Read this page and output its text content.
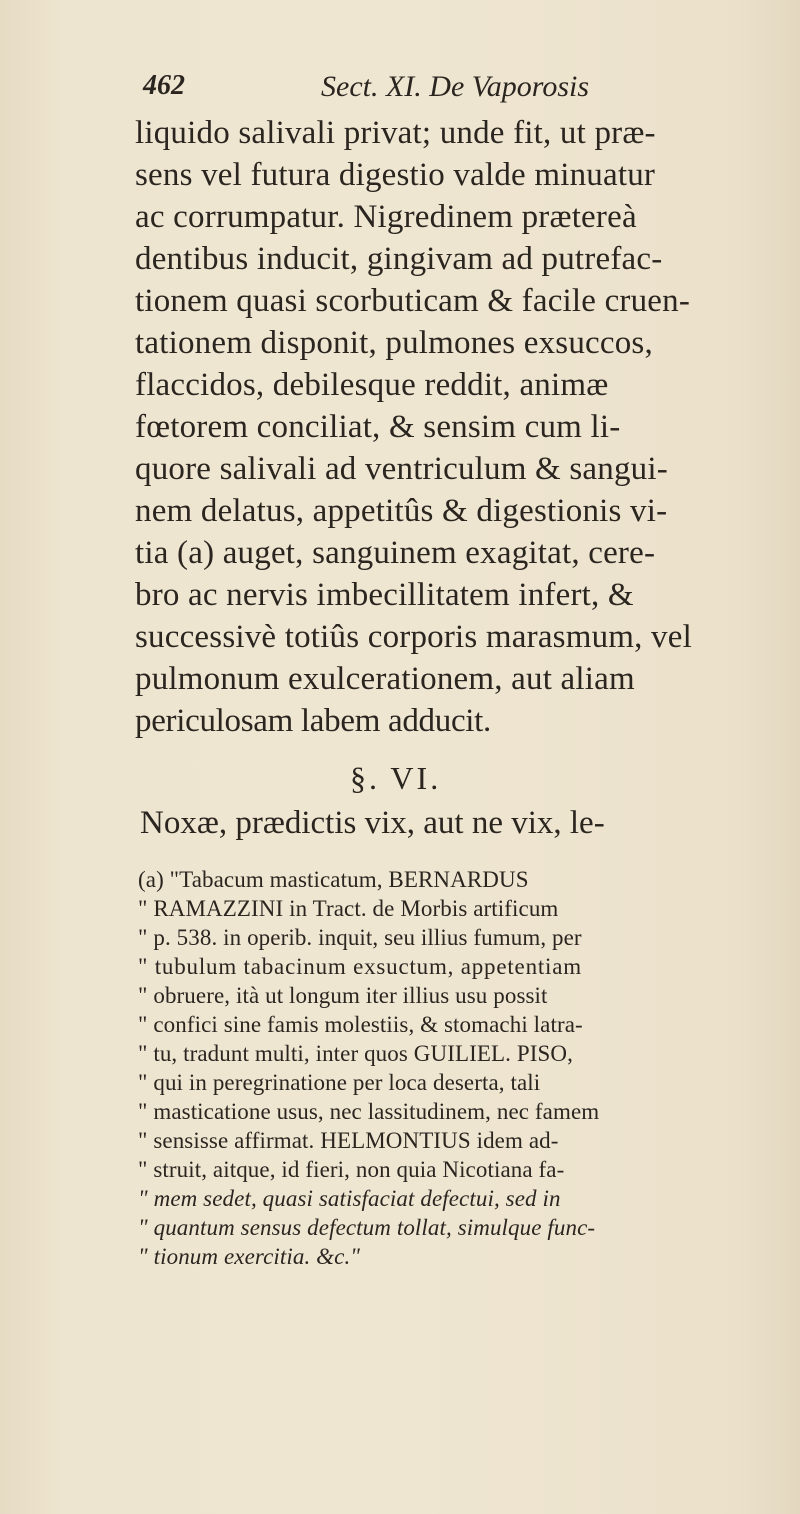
462	Sect. XI. De Vaporosis
liquido salivali privat; unde fit, ut præ-
sens vel futura digestio valde minuatur
ac corrumpatur. Nigredinem prætereà
dentibus inducit, gingivam ad putrefac-
tionem quasi scorbuticam & facile cruen-
tationem disponit, pulmones exsuccos,
flaccidos, debilesque reddit, animæ
fœtorem conciliat, & sensim cum li-
quore salivali ad ventriculum & sangui-
nem delatus, appetitûs & digestionis vi-
tia (a) auget, sanguinem exagitat, cere-
bro ac nervis imbecillitatem infert, &
successivè totiûs corporis marasmum, vel
pulmonum exulcerationem, aut aliam
periculosam labem adducit.
§. VI.
Noxæ, prædictis vix, aut ne vix, le-
(a) "Tabacum masticatum, BERNARDUS
" RAMAZZINI in Tract. de Morbis artificum
" p. 538. in operib. inquit, seu illius fumum, per
" tubulum tabacinum exsuctum, appetentiam
" obruere, ità ut longum iter illius usu possit
" confici sine famis molestiis, & stomachi latra-
" tu, tradunt multi, inter quos GUILIEL. PISO,
" qui in peregrinatione per loca deserta, tali
" masticatione usus, nec lassitudinem, nec famem
" sensisse affirmat. HELMONTIUS idem ad-
" struit, aitque, id fieri, non quia Nicotiana fa-
" mem sedet, quasi satisfaciat defectui, sed in
" quantum sensus defectum tollat, simulque func-
" tionum exercitia. &c."
